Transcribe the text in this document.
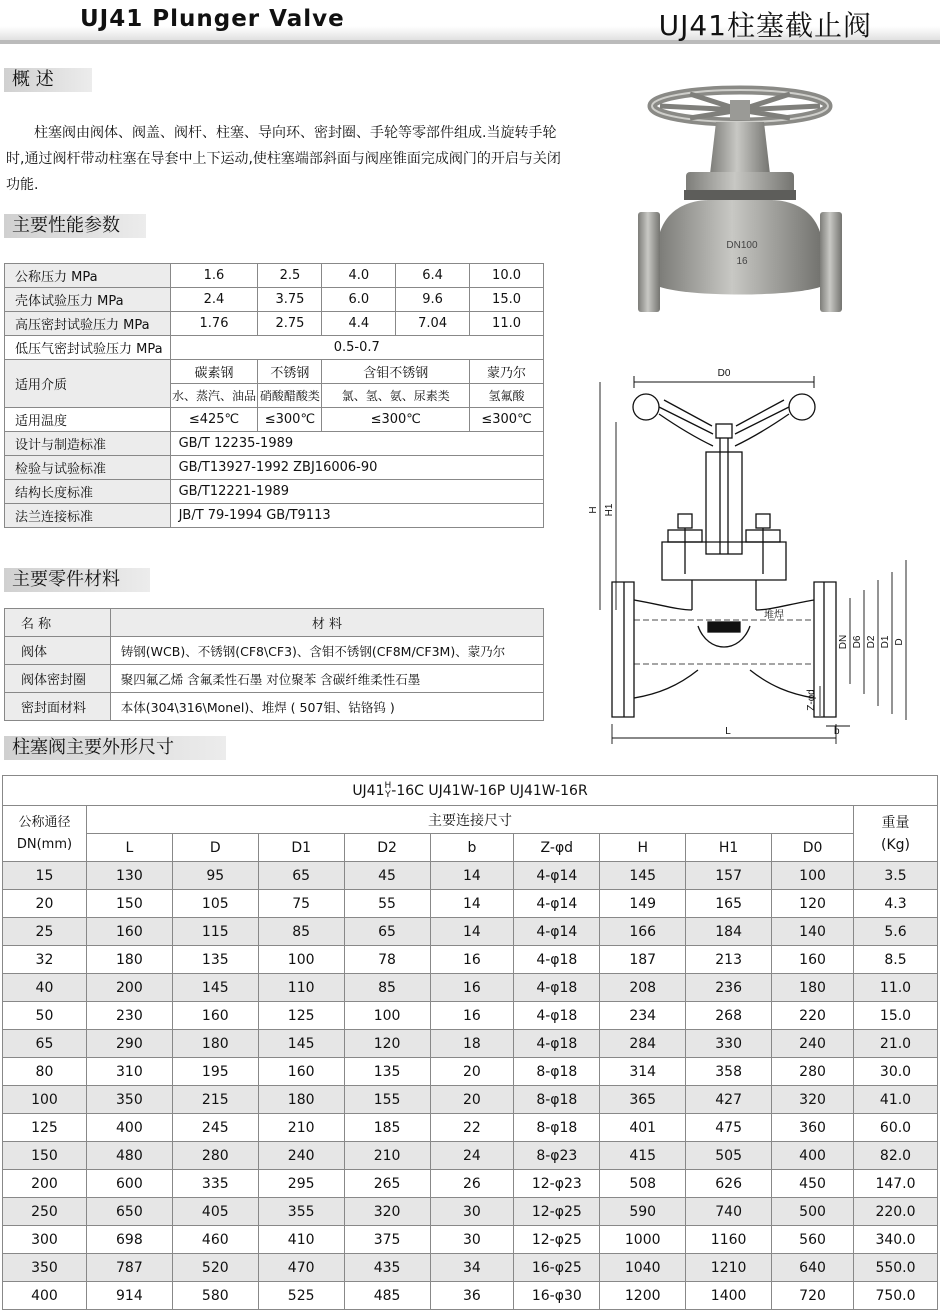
UJ41 Plunger Valve	UJ41柱塞截止阀
概 述
柱塞阀由阀体、阀盖、阀杆、柱塞、导向环、密封圈、手轮等零部件组成.当旋转手轮时,通过阀杆带动柱塞在导套中上下运动,使柱塞端部斜面与阀座锥面完成阀门的开启与关闭功能.
主要性能参数
公称压力 MPa	1.6	2.5	4.0	6.4	10.0
壳体试验压力 MPa	2.4	3.75	6.0	9.6	15.0
高压密封试验压力 MPa	1.76	2.75	4.4	7.04	11.0
低压气密封试验压力 MPa	0.5-0.7				
适用介质	碳素钢	不锈钢	含钼不锈钢		蒙乃尔
	水、蒸汽、油品	硝酸醋酸类	氯、氢、氨、尿素类		氢氟酸
适用温度	≤425℃	≤300℃	≤300℃		≤300℃
设计与制造标准	GB/T 12235-1989				
检验与试验标准	GB/T13927-1992 ZBJ16006-90				
结构长度标准	GB/T12221-1989				
法兰连接标准	JB/T 79-1994 GB/T9113				
主要零件材料
名 称	材 料
阀体	铸钢(WCB)、不锈钢(CF8\CF3)、含钼不锈钢(CF8M/CF3M)、蒙乃尔
阀体密封圈	聚四氟乙烯 含氟柔性石墨 对位聚苯 含碳纤维柔性石墨
密封面材料	本体(304\316\Monel)、堆焊 ( 507钼、钴铬钨 )
柱塞阀主要外形尺寸
DN100
16
D0
H H1
DN D6 D2 D1 D
Z-φd
b
L
堆焊
UJ41H
Y-16C UJ41W-16P UJ41W-16R										
公称通径
DN(mm)	主要连接尺寸									重量
(Kg)
	L	D	D1	D2	b	Z-φd	H	H1	D0	
15	130	95	65	45	14	4-φ14	145	157	100	3.5
20	150	105	75	55	14	4-φ14	149	165	120	4.3
25	160	115	85	65	14	4-φ14	166	184	140	5.6
32	180	135	100	78	16	4-φ18	187	213	160	8.5
40	200	145	110	85	16	4-φ18	208	236	180	11.0
50	230	160	125	100	16	4-φ18	234	268	220	15.0
65	290	180	145	120	18	4-φ18	284	330	240	21.0
80	310	195	160	135	20	8-φ18	314	358	280	30.0
100	350	215	180	155	20	8-φ18	365	427	320	41.0
125	400	245	210	185	22	8-φ18	401	475	360	60.0
150	480	280	240	210	24	8-φ23	415	505	400	82.0
200	600	335	295	265	26	12-φ23	508	626	450	147.0
250	650	405	355	320	30	12-φ25	590	740	500	220.0
300	698	460	410	375	30	12-φ25	1000	1160	560	340.0
350	787	520	470	435	34	16-φ25	1040	1210	640	550.0
400	914	580	525	485	36	16-φ30	1200	1400	720	750.0
